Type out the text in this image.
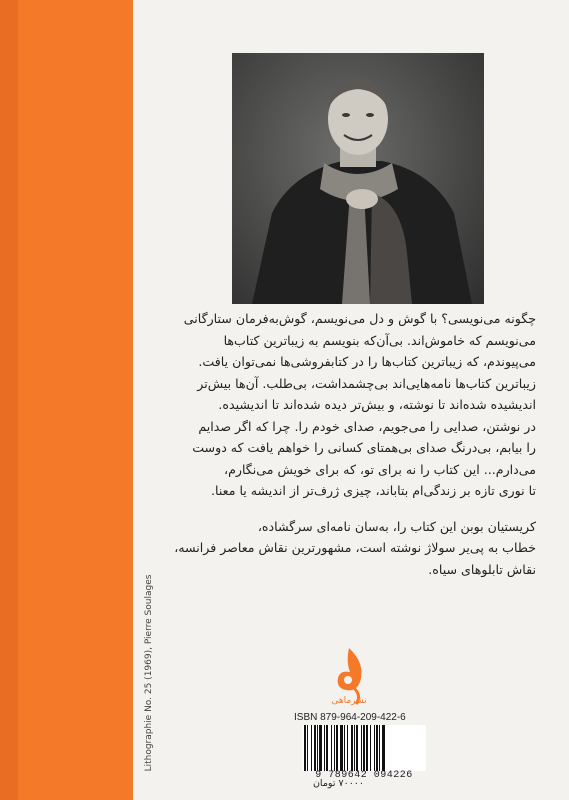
Lithographie No. 25 (1969), Pierre Soulages

چگونه می‌نویسی؟ با گوش و دل می‌نویسم، گوش‌به‌فرمان ستارگانی

می‌نویسم که خاموش‌اند. بی‌آن‌که بنویسم به زیباترین کتاب‌ها

می‌پیوندم، که زیباترین کتاب‌ها را در کتابفروشی‌ها نمی‌توان یافت.

زیباترین کتاب‌ها نامه‌هایی‌اند بی‌چشمداشت، بی‌طلب. آن‌ها بیش‌تر

اندیشیده شده‌اند تا نوشته، و بیش‌تر دیده شده‌اند تا اندیشیده.

در نوشتن، صدایی را می‌جویم، صدای خودم را. چرا که اگر صدایم

را بیابم، بی‌درنگ صدای بی‌همتای کسانی را خواهم یافت که دوست

می‌دارم... این کتاب را نه برای تو، که برای خویش می‌نگارم،

تا نوری تازه بر زندگی‌ام بتاباند، چیزی ژرف‌تر از اندیشه یا معنا.

کریستیان بوبن این کتاب را، به‌سان نامه‌ای سرگشاده،

خطاب به پی‌یر سولاژ نوشته است، مشهورترین نقاش معاصر فرانسه،

نقاش تابلوهای سیاه.

نشرماهی
ISBN 879-964-209-422-6
9 789642 094226
۷۰۰۰۰ تومان
